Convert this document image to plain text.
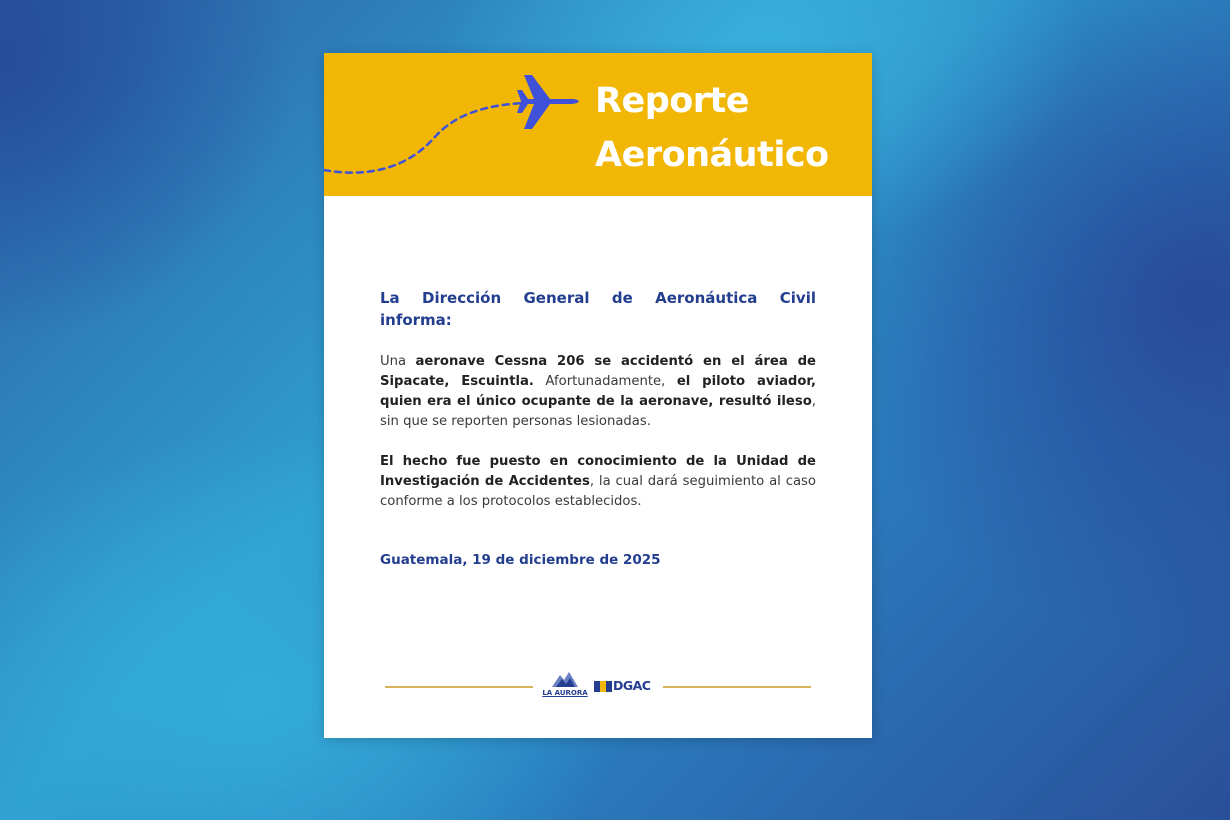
Reporte
Aeronáutico

La Dirección General de Aeronáutica Civil
informa:

Una aeronave Cessna 206 se accidentó en el área de Sipacate, Escuintla. Afortunadamente, el piloto aviador, quien era el único ocupante de la aeronave, resultó ileso, sin que se reporten personas lesionadas.

El hecho fue puesto en conocimiento de la Unidad de Investigación de Accidentes, la cual dará seguimiento al caso conforme a los protocolos establecidos.

Guatemala, 19 de diciembre de 2025

LA AURORA DGAC
